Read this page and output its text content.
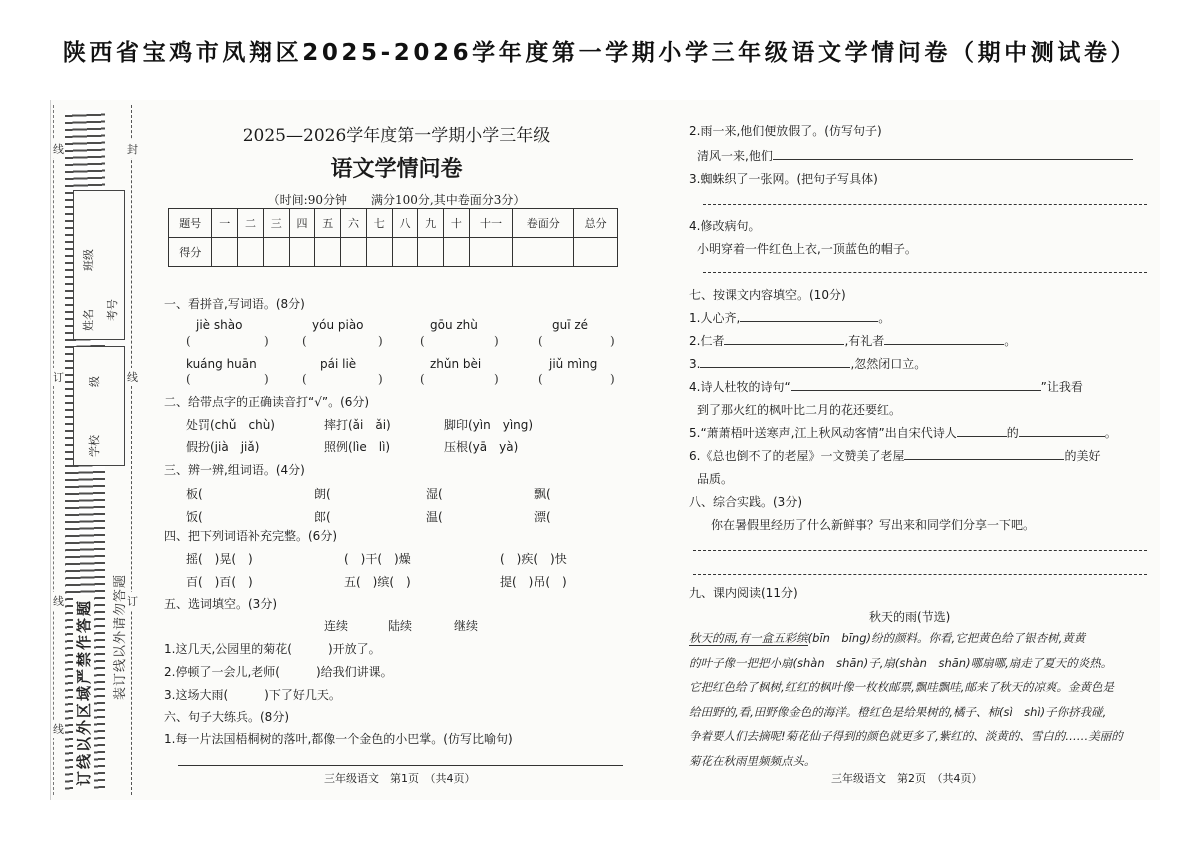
陕西省宝鸡市凤翔区2025-2026学年度第一学期小学三年级语文学情问卷（期中测试卷）
线	封
订	线
线	订
线
姓名
班级
考号
级
学校
订线以外区域严禁作答题	装订线以外请勿答题
2025—2026学年度第一学期小学三年级
语文学情问卷
（时间:90分钟　　满分100分,其中卷面分3分）
题号	一	二	三	四	五	六	七	八	九	十	十一	卷面分	总分
得分													
一、看拼音,写词语。(8分)
jiè shào	yóu piào	gōu zhù	guī zé
(	)	(	)	(	)	(	)
kuáng huān	pái liè	zhǔn bèi	jiǔ mìng
(	)	(	)	(	)	(	)
二、给带点字的正确读音打“√”。(6分)
处罚(chǔ　chù)	摔打(ǎi　ǎi)	脚印(yìn　yìng)
假扮(jià　jiǎ)	照例(lìe　lì)	压根(yā　yà)
三、辨一辨,组词语。(4分)
板(	朗(	湿(	飘(
饭(	郎(	温(	漂(
四、把下列词语补充完整。(6分)
摇(　)晃(　)	(　)干(　)燥	(　)疾(　)快
百(　)百(　)	五(　)缤(　)	提(　)吊(　)
五、选词填空。(3分)
连续	陆续	继续
1.这几天,公园里的菊花(　　　)开放了。
2.停顿了一会儿,老师(　　　)给我们讲课。
3.这场大雨(　　　)下了好几天。
六、句子大练兵。(8分)
1.每一片法国梧桐树的落叶,都像一个金色的小巴掌。(仿写比喻句)
三年级语文　第1页　（共4页）
2.雨一来,他们便放假了。(仿写句子)
清风一来,他们
3.蜘蛛织了一张网。(把句子写具体)
4.修改病句。
小明穿着一件红色上衣,一顶蓝色的帽子。
七、按课文内容填空。(10分)
1.人心齐,	。
2.仁者	,有礼者	。
3.	,忽然闭口立。
4.诗人杜牧的诗句“	”让我看
到了那火红的枫叶比二月的花还要红。
5.“萧萧梧叶送寒声,江上秋风动客情”出自宋代诗人	的	。
6.《总也倒不了的老屋》一文赞美了老屋	的美好
品质。
八、综合实践。(3分)
你在暑假里经历了什么新鲜事？写出来和同学们分享一下吧。
九、课内阅读(11分)
秋天的雨(节选)
秋天的雨,有一盒五彩缤(bīn　bīng)纷的颜料。你看,它把黄色给了银杏树,黄黄
的叶子像一把把小扇(shàn　shān)子,扇(shàn　shān)哪扇哪,扇走了夏天的炎热。
它把红色给了枫树,红红的枫叶像一枚枚邮票,飘哇飘哇,邮来了秋天的凉爽。金黄色是
给田野的,看,田野像金色的海洋。橙红色是给果树的,橘子、柿(sì　shì)子你挤我碰,
争着要人们去摘呢!菊花仙子得到的颜色就更多了,紫红的、淡黄的、雪白的……美丽的
菊花在秋雨里频频点头。
三年级语文　第2页　（共4页）
